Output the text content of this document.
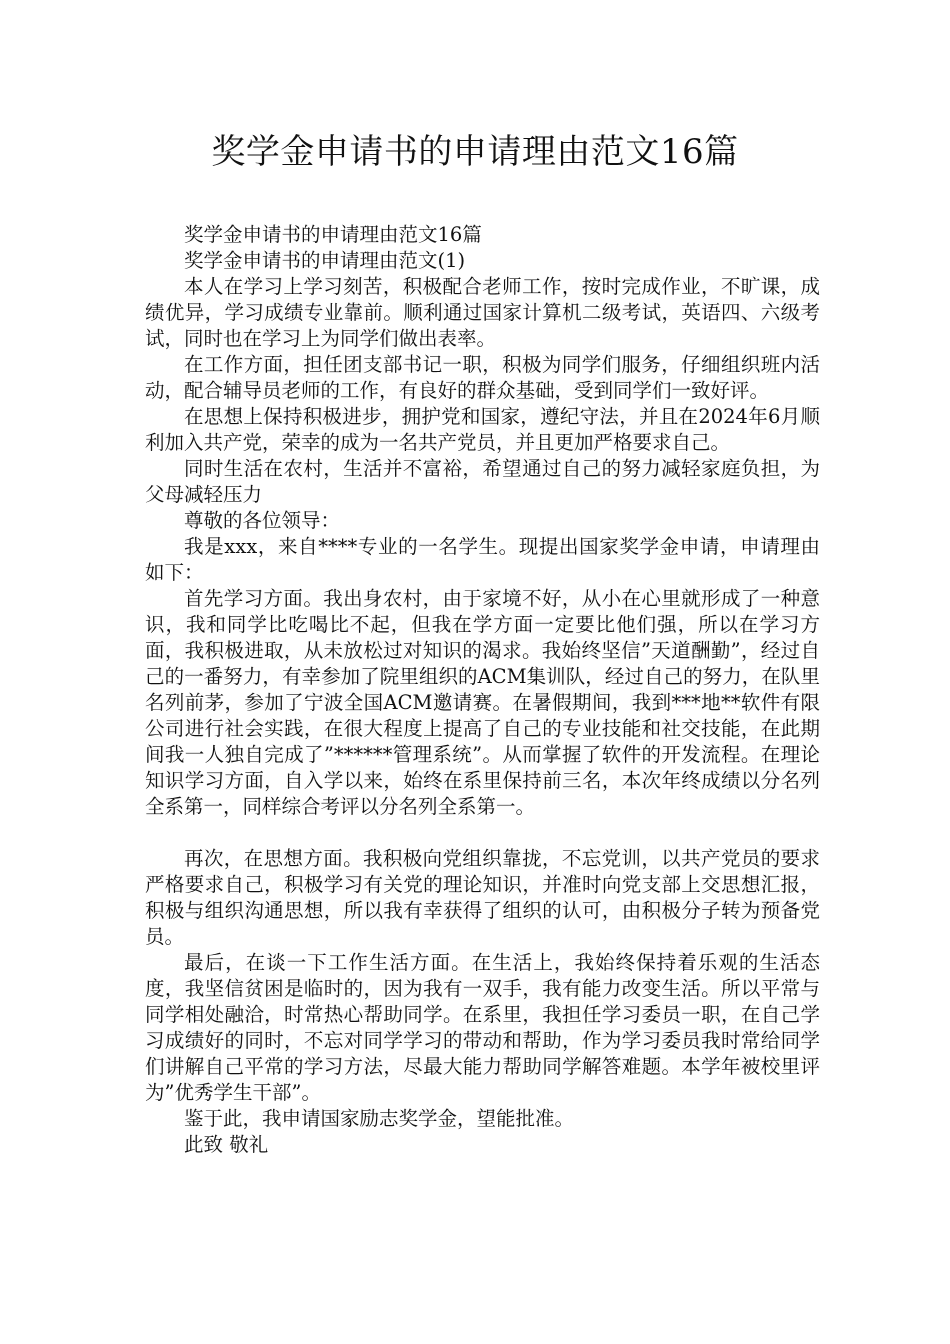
奖学金申请书的申请理由范文16篇

奖学金申请书的申请理由范文16篇

奖学金申请书的申请理由范文(1)

本人在学习上学习刻苦，积极配合老师工作，按时完成作业，不旷课，成绩优异，学习成绩专业靠前。顺利通过国家计算机二级考试，英语四、六级考试，同时也在学习上为同学们做出表率。

在工作方面，担任团支部书记一职，积极为同学们服务，仔细组织班内活动，配合辅导员老师的工作，有良好的群众基础，受到同学们一致好评。

在思想上保持积极进步，拥护党和国家，遵纪守法，并且在2024年6月顺利加入共产党，荣幸的成为一名共产党员，并且更加严格要求自己。

同时生活在农村，生活并不富裕，希望通过自己的努力减轻家庭负担，为父母减轻压力

尊敬的各位领导：

我是xxx，来自****专业的一名学生。现提出国家奖学金申请，申请理由如下：

首先学习方面。我出身农村，由于家境不好，从小在心里就形成了一种意识，我和同学比吃喝比不起，但我在学方面一定要比他们强，所以在学习方面，我积极进取，从未放松过对知识的渴求。我始终坚信”天道酬勤”，经过自己的一番努力，有幸参加了院里组织的ACM集训队，经过自己的努力，在队里名列前茅，参加了宁波全国ACM邀请赛。在暑假期间，我到***地**软件有限公司进行社会实践，在很大程度上提高了自己的专业技能和社交技能，在此期间我一人独自完成了”******管理系统”。从而掌握了软件的开发流程。在理论知识学习方面，自入学以来，始终在系里保持前三名，本次年终成绩以分名列全系第一，同样综合考评以分名列全系第一。

再次，在思想方面。我积极向党组织靠拢，不忘党训，以共产党员的要求严格要求自己，积极学习有关党的理论知识，并准时向党支部上交思想汇报，积极与组织沟通思想，所以我有幸获得了组织的认可，由积极分子转为预备党员。

最后，在谈一下工作生活方面。在生活上，我始终保持着乐观的生活态度，我坚信贫困是临时的，因为我有一双手，我有能力改变生活。所以平常与同学相处融洽，时常热心帮助同学。在系里，我担任学习委员一职，在自己学习成绩好的同时，不忘对同学学习的带动和帮助，作为学习委员我时常给同学们讲解自己平常的学习方法，尽最大能力帮助同学解答难题。本学年被校里评为”优秀学生干部”。

鉴于此，我申请国家励志奖学金，望能批准。

此致 敬礼
